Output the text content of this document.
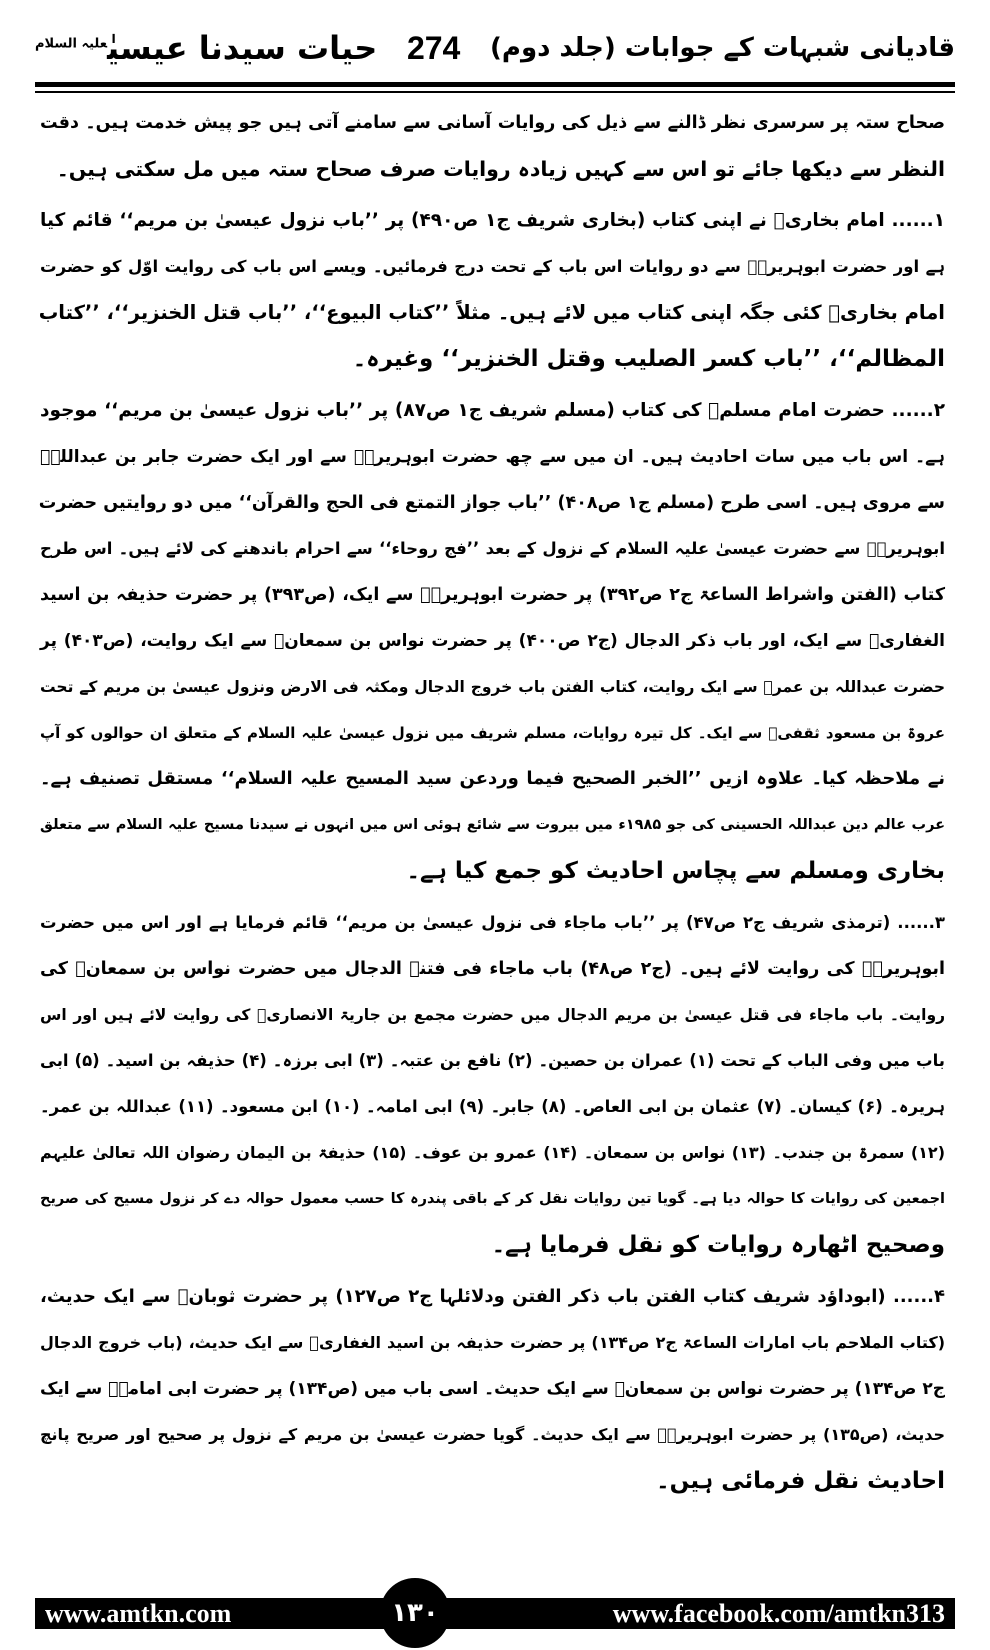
قادیانی شبہات کے جوابات (جلد دوم)
274
حیات سیدنا عیسیٰ$^{علیہ السلام}$
صحاح ستہ پر سرسری نظر ڈالنے سے ذیل کی روایات آسانی سے سامنے آتی ہیں جو پیش خدمت ہیں۔ دقت
النظر سے دیکھا جائے تو اس سے کہیں زیادہ روایات صرف صحاح ستہ میں مل سکتی ہیں۔
۱...... امام بخاریؒ نے اپنی کتاب (بخاری شریف ج۱ ص۴۹۰) پر ’’باب نزول عیسیٰ بن مریم‘‘ قائم کیا
ہے اور حضرت ابوہریرہؓ سے دو روایات اس باب کے تحت درج فرمائیں۔ ویسے اس باب کی روایت اوّل کو حضرت
امام بخاریؒ کئی جگہ اپنی کتاب میں لائے ہیں۔ مثلاً ’’کتاب البیوع‘‘، ’’باب قتل الخنزیر‘‘، ’’کتاب
المظالم‘‘، ’’باب کسر الصلیب وقتل الخنزیر‘‘ وغیرہ۔
۲...... حضرت امام مسلمؒ کی کتاب (مسلم شریف ج۱ ص۸۷) پر ’’باب نزول عیسیٰ بن مریم‘‘ موجود
ہے۔ اس باب میں سات احادیث ہیں۔ ان میں سے چھ حضرت ابوہریرہؓ سے اور ایک حضرت جابر بن عبداللہؓ
سے مروی ہیں۔ اسی طرح (مسلم ج۱ ص۴۰۸) ’’باب جواز التمتع فی الحج والقرآن‘‘ میں دو روایتیں حضرت
ابوہریرہؓ سے حضرت عیسیٰ علیہ السلام کے نزول کے بعد ’’فج روحاء‘‘ سے احرام باندھنے کی لائے ہیں۔ اس طرح
کتاب (الفتن واشراط الساعۃ ج۲ ص۳۹۲) پر حضرت ابوہریرہؓ سے ایک، (ص۳۹۳) پر حضرت حذیفہ بن اسید
الغفاریؓ سے ایک، اور باب ذکر الدجال (ج۲ ص۴۰۰) پر حضرت نواس بن سمعانؓ سے ایک روایت، (ص۴۰۳) پر
حضرت عبداللہ بن عمرؓ سے ایک روایت، کتاب الفتن باب خروج الدجال ومکثہ فی الارض ونزول عیسیٰ بن مریم کے تحت
عروۃ بن مسعود ثقفیؒ سے ایک۔ کل تیرہ روایات، مسلم شریف میں نزول عیسیٰ علیہ السلام کے متعلق ان حوالوں کو آپ
نے ملاحظہ کیا۔ علاوہ ازیں ’’الخبر الصحیح فیما وردعن سید المسیح علیہ السلام‘‘ مستقل تصنیف ہے۔
عرب عالم دین عبداللہ الحسینی کی جو ۱۹۸۵ء میں بیروت سے شائع ہوئی اس میں انہوں نے سیدنا مسیح علیہ السلام سے متعلق
بخاری ومسلم سے پچاس احادیث کو جمع کیا ہے۔
۳...... (ترمذی شریف ج۲ ص۴۷) پر ’’باب ماجاء فی نزول عیسیٰ بن مریم‘‘ قائم فرمایا ہے اور اس میں حضرت
ابوہریرہؓ کی روایت لائے ہیں۔ (ج۲ ص۴۸) باب ماجاء فی فتنہ الدجال میں حضرت نواس بن سمعانؓ کی
روایت۔ باب ماجاء فی قتل عیسیٰ بن مریم الدجال میں حضرت مجمع بن جاریۃ الانصاریؓ کی روایت لائے ہیں اور اس
باب میں وفی الباب کے تحت (۱) عمران بن حصین۔ (۲) نافع بن عتبہ۔ (۳) ابی برزہ۔ (۴) حذیفہ بن اسید۔ (۵) ابی
ہریرہ۔ (۶) کیسان۔ (۷) عثمان بن ابی العاص۔ (۸) جابر۔ (۹) ابی امامہ۔ (۱۰) ابن مسعود۔ (۱۱) عبداللہ بن عمر۔
(۱۲) سمرۃ بن جندب۔ (۱۳) نواس بن سمعان۔ (۱۴) عمرو بن عوف۔ (۱۵) حذیفۃ بن الیمان رضوان اللہ تعالیٰ علیہم
اجمعین کی روایات کا حوالہ دیا ہے۔ گویا تین روایات نقل کر کے باقی پندرہ کا حسب معمول حوالہ دے کر نزول مسیح کی صریح
وصحیح اٹھارہ روایات کو نقل فرمایا ہے۔
۴...... (ابوداؤد شریف کتاب الفتن باب ذکر الفتن ودلائلہا ج۲ ص۱۲۷) پر حضرت ثوبانؓ سے ایک حدیث،
(کتاب الملاحم باب امارات الساعۃ ج۲ ص۱۳۴) پر حضرت حذیفہ بن اسید الغفاریؓ سے ایک حدیث، (باب خروج الدجال
ج۲ ص۱۳۴) پر حضرت نواس بن سمعانؓ سے ایک حدیث۔ اسی باب میں (ص۱۳۴) پر حضرت ابی امامہؓ سے ایک
حدیث، (ص۱۳۵) پر حضرت ابوہریرہؓ سے ایک حدیث۔ گویا حضرت عیسیٰ بن مریم کے نزول پر صحیح اور صریح پانچ
احادیث نقل فرمائی ہیں۔
www.amtkn.com	۱۳۰	www.facebook.com/amtkn313
